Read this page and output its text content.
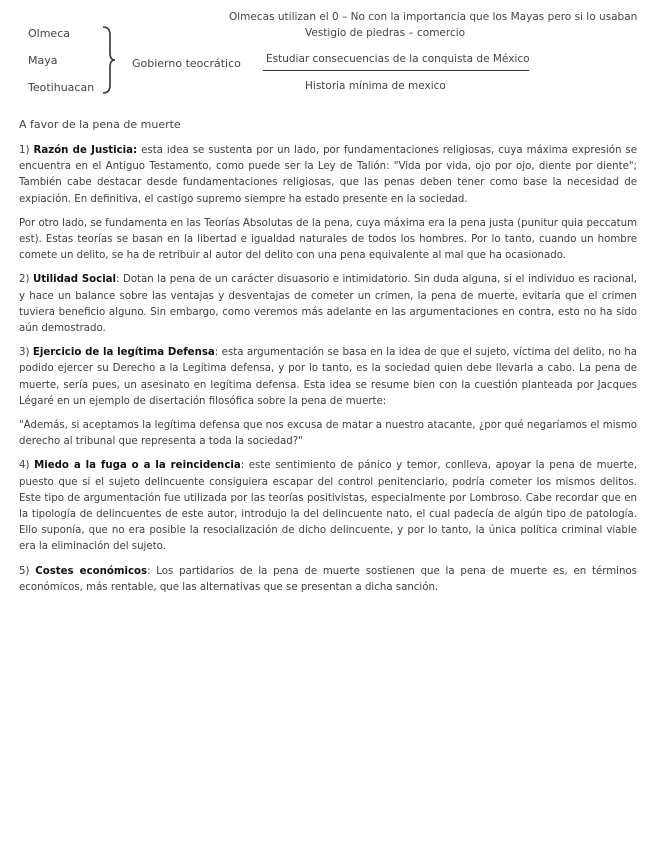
Olmeca
Maya
Teotihuacan
Gobierno teocrático
Olmecas utilizan el 0 – No con la importancia que los Mayas pero si lo usaban
Vestigio de piedras – comercio
Estudiar consecuencias de la conquista de México
Historia mínima de mexico
A favor de la pena de muerte

1) Razón de Justicia: esta idea se sustenta por un lado, por fundamentaciones religiosas, cuya máxima expresión se encuentra en el Antiguo Testamento, como puede ser la Ley de Talión: "Vida por vida, ojo por ojo, diente por diente"; También cabe destacar desde fundamentaciones religiosas, que las penas deben tener como base la necesidad de expiación. En definitiva, el castigo supremo siempre ha estado presente en la sociedad.

Por otro lado, se fundamenta en las Teorías Absolutas de la pena, cuya máxima era la pena justa (punitur quia peccatum est). Estas teorías se basan en la libertad e igualdad naturales de todos los hombres. Por lo tanto, cuando un hombre comete un delito, se ha de retribuir al autor del delito con una pena equivalente al mal que ha ocasionado.

2) Utilidad Social: Dotan la pena de un carácter disuasorio e intimidatorio. Sin duda alguna, si el individuo es racional, y hace un balance sobre las ventajas y desventajas de cometer un crimen, la pena de muerte, evitaría que el crimen tuviera beneficio alguno. Sin embargo, como veremos más adelante en las argumentaciones en contra, esto no ha sido aún demostrado.

3) Ejercicio de la legítima Defensa: esta argumentación se basa en la idea de que el sujeto, víctima del delito, no ha podido ejercer su Derecho a la Legítima defensa, y por lo tanto, es la sociedad quien debe llevarla a cabo. La pena de muerte, sería pues, un asesinato en legítima defensa. Esta idea se resume bien con la cuestión planteada por Jacques Légaré en un ejemplo de disertación filosófica sobre la pena de muerte:

"Además, si aceptamos la legítima defensa que nos excusa de matar a nuestro atacante, ¿por qué negaríamos el mismo derecho al tribunal que representa a toda la sociedad?"

4) Miedo a la fuga o a la reincidencia: este sentimiento de pánico y temor, conlleva, apoyar la pena de muerte, puesto que si el sujeto delincuente consiguiera escapar del control penitenciario, podría cometer los mismos delitos. Este tipo de argumentación fue utilizada por las teorías positivistas, especialmente por Lombroso. Cabe recordar que en la tipología de delincuentes de este autor, introdujo la del delincuente nato, el cual padecía de algún tipo de patología. Ello suponía, que no era posible la resocialización de dicho delincuente, y por lo tanto, la única política criminal viable era la eliminación del sujeto.

5) Costes económicos: Los partidarios de la pena de muerte sostienen que la pena de muerte es, en términos económicos, más rentable, que las alternativas que se presentan a dicha sanción.
